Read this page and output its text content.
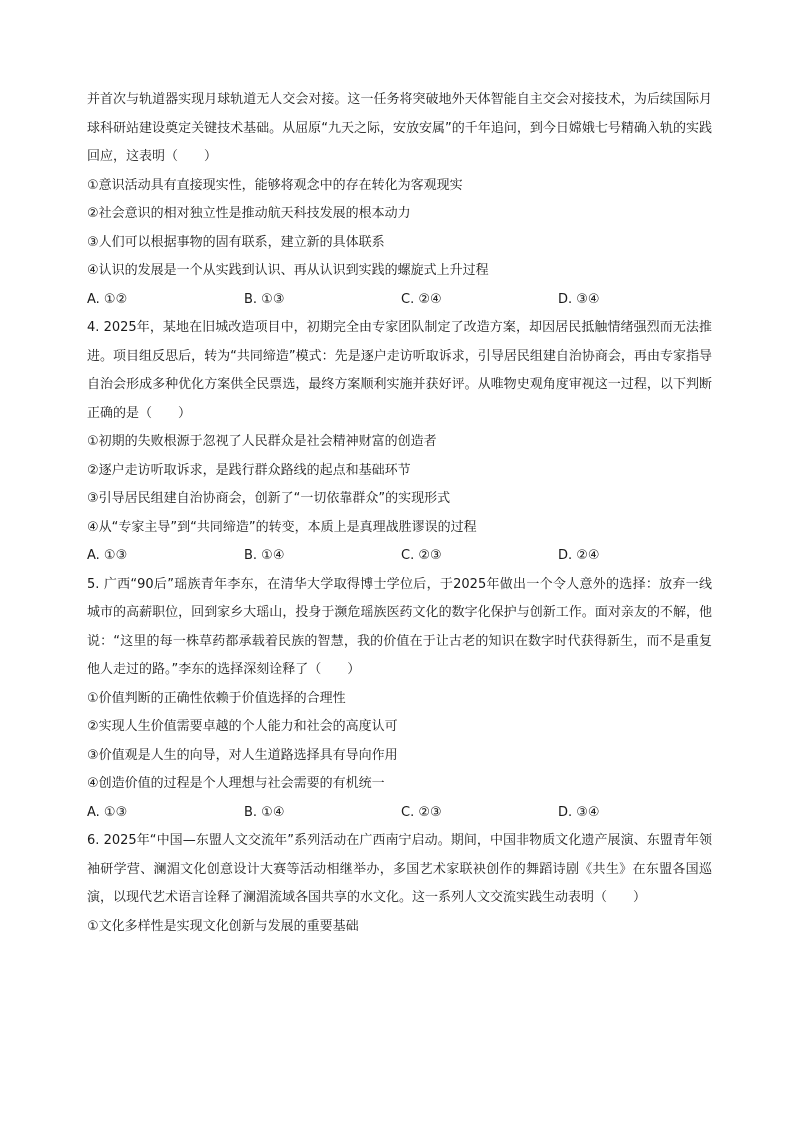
并首次与轨道器实现月球轨道无人交会对接。这一任务将突破地外天体智能自主交会对接技术，为后续国际月球科研站建设奠定关键技术基础。从屈原“九天之际，安放安属”的千年追问，到今日嫦娥七号精确入轨的实践回应，这表明（　　）

①意识活动具有直接现实性，能够将观念中的存在转化为客观现实

②社会意识的相对独立性是推动航天科技发展的根本动力

③人们可以根据事物的固有联系，建立新的具体联系

④认识的发展是一个从实践到认识、再从认识到实践的螺旋式上升过程

A. ①②	B. ①③	C. ②④	D. ③④

4. 2025年，某地在旧城改造项目中，初期完全由专家团队制定了改造方案，却因居民抵触情绪强烈而无法推进。项目组反思后，转为“共同缔造”模式：先是逐户走访听取诉求，引导居民组建自治协商会，再由专家指导自治会形成多种优化方案供全民票选，最终方案顺利实施并获好评。从唯物史观角度审视这一过程，以下判断正确的是（　　）

①初期的失败根源于忽视了人民群众是社会精神财富的创造者

②逐户走访听取诉求，是践行群众路线的起点和基础环节

③引导居民组建自治协商会，创新了“一切依靠群众”的实现形式

④从“专家主导”到“共同缔造”的转变，本质上是真理战胜谬误的过程

A. ①③	B. ①④	C. ②③	D. ②④

5. 广西“90后”瑶族青年李东，在清华大学取得博士学位后，于2025年做出一个令人意外的选择：放弃一线城市的高薪职位，回到家乡大瑶山，投身于濒危瑶族医药文化的数字化保护与创新工作。面对亲友的不解，他说：“这里的每一株草药都承载着民族的智慧，我的价值在于让古老的知识在数字时代获得新生，而不是重复他人走过的路。”李东的选择深刻诠释了（　　）

①价值判断的正确性依赖于价值选择的合理性

②实现人生价值需要卓越的个人能力和社会的高度认可

③价值观是人生的向导，对人生道路选择具有导向作用

④创造价值的过程是个人理想与社会需要的有机统一

A. ①③	B. ①④	C. ②③	D. ③④

6. 2025年“中国—东盟人文交流年”系列活动在广西南宁启动。期间，中国非物质文化遗产展演、东盟青年领袖研学营、澜湄文化创意设计大赛等活动相继举办，多国艺术家联袂创作的舞蹈诗剧《共生》在东盟各国巡演，以现代艺术语言诠释了澜湄流域各国共享的水文化。这一系列人文交流实践生动表明（　　）

①文化多样性是实现文化创新与发展的重要基础
